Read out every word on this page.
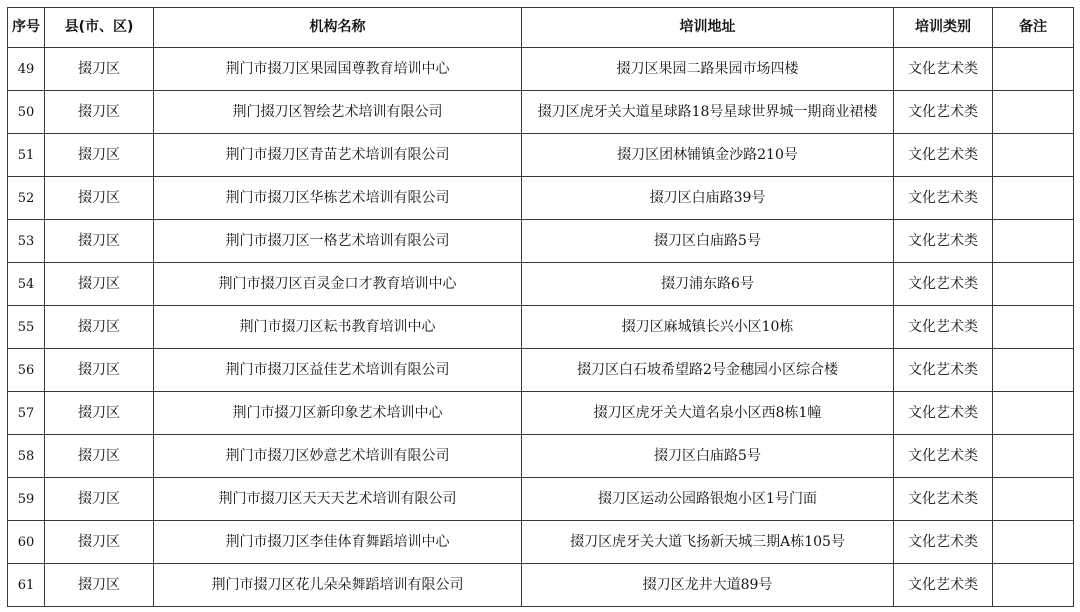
序号	县(市、区)	机构名称	培训地址	培训类别	备注
49	掇刀区	荆门市掇刀区果园国尊教育培训中心	掇刀区果园二路果园市场四楼	文化艺术类	
50	掇刀区	荆门掇刀区智绘艺术培训有限公司	掇刀区虎牙关大道星球路18号星球世界城一期商业裙楼	文化艺术类	
51	掇刀区	荆门市掇刀区青苗艺术培训有限公司	掇刀区团林铺镇金沙路210号	文化艺术类	
52	掇刀区	荆门市掇刀区华栋艺术培训有限公司	掇刀区白庙路39号	文化艺术类	
53	掇刀区	荆门市掇刀区一格艺术培训有限公司	掇刀区白庙路5号	文化艺术类	
54	掇刀区	荆门市掇刀区百灵金口才教育培训中心	掇刀浦东路6号	文化艺术类	
55	掇刀区	荆门市掇刀区耘书教育培训中心	掇刀区麻城镇长兴小区10栋	文化艺术类	
56	掇刀区	荆门市掇刀区益佳艺术培训有限公司	掇刀区白石坡希望路2号金穗园小区综合楼	文化艺术类	
57	掇刀区	荆门市掇刀区新印象艺术培训中心	掇刀区虎牙关大道名泉小区西8栋1幢	文化艺术类	
58	掇刀区	荆门市掇刀区妙意艺术培训有限公司	掇刀区白庙路5号	文化艺术类	
59	掇刀区	荆门市掇刀区天天天艺术培训有限公司	掇刀区运动公园路银炮小区1号门面	文化艺术类	
60	掇刀区	荆门市掇刀区李佳体育舞蹈培训中心	掇刀区虎牙关大道飞扬新天城三期A栋105号	文化艺术类	
61	掇刀区	荆门市掇刀区花儿朵朵舞蹈培训有限公司	掇刀区龙井大道89号	文化艺术类	
